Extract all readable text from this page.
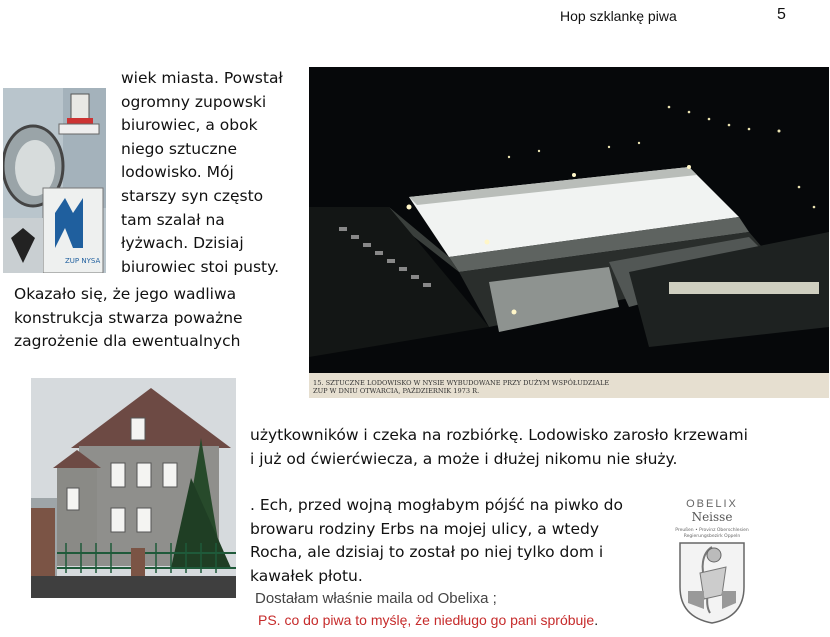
Hop szklankę piwa	5
ZUP NYSA
wiek miasta. Powstał
ogromny zupowski
biurowiec, a obok
niego sztuczne
lodowisko. Mój
starszy syn często
tam szalał na
łyżwach. Dzisiaj
biurowiec stoi pusty.
Okazało się, że jego wadliwa
konstrukcja stwarza poważne
zagrożenie dla ewentualnych
15. SZTUCZNE LODOWISKO W NYSIE WYBUDOWANE PRZY DUŻYM WSPÓŁUDZIALE
ZUP W DNIU OTWARCIA, PAŹDZIERNIK 1973 R.
użytkowników i czeka na rozbiórkę. Lodowisko zarosło krzewami
i już od ćwierćwiecza, a może i dłużej nikomu nie służy.
. Ech, przed wojną mogłabym pójść na piwko do
browaru rodziny Erbs na mojej ulicy, a wtedy
Rocha, ale dzisiaj to został po niej tylko dom i
kawałek płotu.
Dostałam właśnie maila od Obelixa ;
PS. co do piwa to myślę, że niedługo go pani spróbuje.
OBELIX
Neisse
Preußen • Provinz Oberschlesien
Regierungsbezirk Oppeln
